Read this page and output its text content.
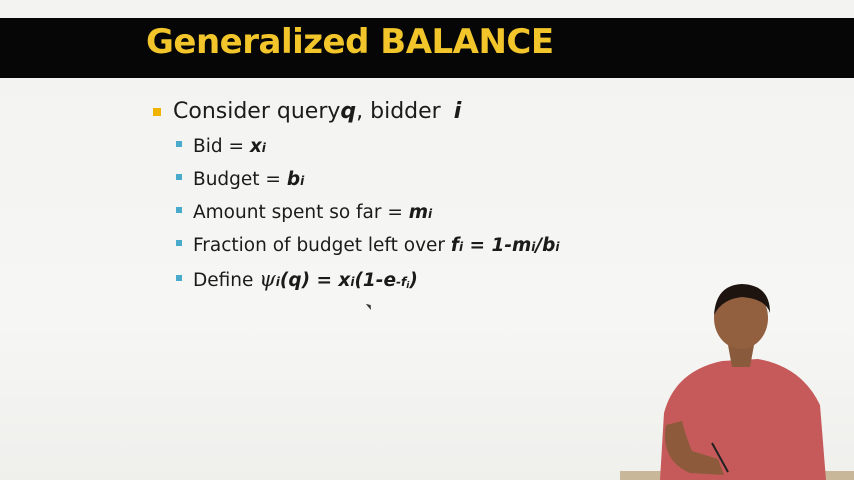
Generalized BALANCE
Consider query q , bidder i
Bid = x i
Budget = b i
Amount spent so far = m i
Fraction of budget left over f i = 1-m i /b i
Define ψ i (q) = x i (1-e $-f_i$ )
